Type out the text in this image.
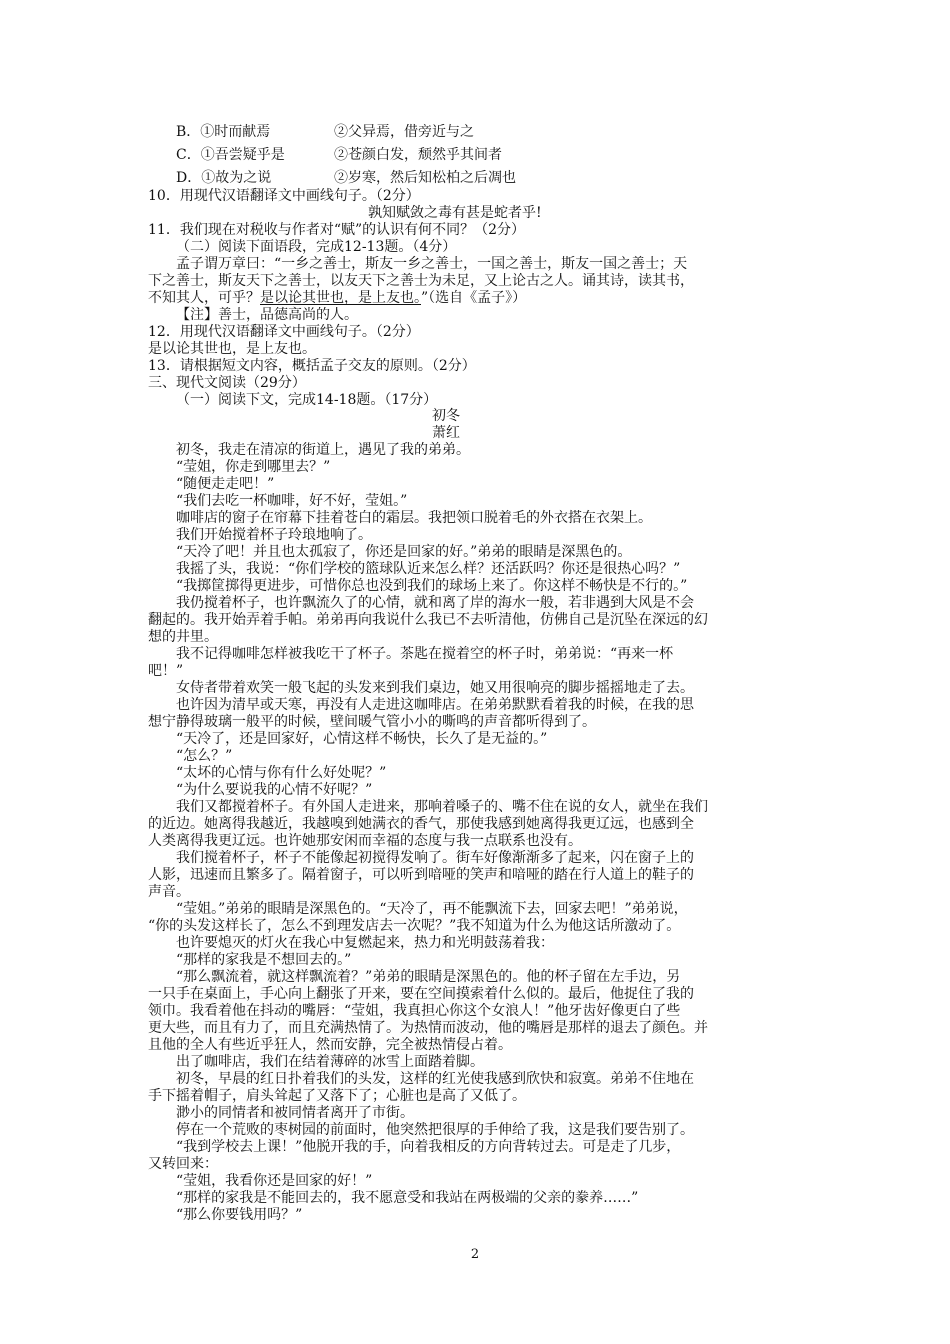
B．①时而献焉	②父异焉，借旁近与之
C．①吾尝疑乎是	②苍颜白发，颓然乎其间者
D．①故为之说	②岁寒，然后知松柏之后凋也
10．用现代汉语翻译文中画线句子。（2分）
孰知赋敛之毒有甚是蛇者乎!
11．我们现在对税收与作者对“赋”的认识有何不同？（2分）
（二）阅读下面语段，完成12-13题。（4分）
孟子谓万章曰：“一乡之善士，斯友一乡之善士，一国之善士，斯友一国之善士；天
下之善士，斯友天下之善士，以友天下之善士为未足，又上论古之人。诵其诗，读其书，
不知其人，可乎？是以论其世也，是上友也。”（选自《孟子》）
【注】善士，品德高尚的人。
12．用现代汉语翻译文中画线句子。（2分）
是以论其世也，是上友也。
13．请根据短文内容，概括孟子交友的原则。（2分）
三、现代文阅读（29分）
（一）阅读下文，完成14-18题。（17分）
初冬
萧红
初冬，我走在清凉的街道上，遇见了我的弟弟。
“莹姐，你走到哪里去？”
“随便走走吧！”
“我们去吃一杯咖啡，好不好，莹姐。”
咖啡店的窗子在帘幕下挂着苍白的霜层。我把领口脱着毛的外衣搭在衣架上。
我们开始搅着杯子玲琅地响了。
“天冷了吧！并且也太孤寂了，你还是回家的好。”弟弟的眼睛是深黑色的。
我摇了头，我说：“你们学校的篮球队近来怎么样？还活跃吗？你还是很热心吗？”
“我掷筐掷得更进步，可惜你总也没到我们的球场上来了。你这样不畅快是不行的。”
我仍搅着杯子，也许飘流久了的心情，就和离了岸的海水一般，若非遇到大风是不会
翻起的。我开始弄着手帕。弟弟再向我说什么我已不去听清他，仿佛自己是沉坠在深远的幻
想的井里。
我不记得咖啡怎样被我吃干了杯子。茶匙在搅着空的杯子时，弟弟说：“再来一杯
吧！”
女侍者带着欢笑一般飞起的头发来到我们桌边，她又用很响亮的脚步摇摇地走了去。
也许因为清早或天寒，再没有人走进这咖啡店。在弟弟默默看着我的时候，在我的思
想宁静得玻璃一般平的时候，壁间暖气管小小的嘶鸣的声音都听得到了。
“天冷了，还是回家好，心情这样不畅快，长久了是无益的。”
“怎么？”
“太坏的心情与你有什么好处呢？”
“为什么要说我的心情不好呢？”
我们又都搅着杯子。有外国人走进来，那响着嗓子的、嘴不住在说的女人，就坐在我们
的近边。她离得我越近，我越嗅到她满衣的香气，那使我感到她离得我更辽远，也感到全
人类离得我更辽远。也许她那安闲而幸福的态度与我一点联系也没有。
我们搅着杯子，杯子不能像起初搅得发响了。街车好像渐渐多了起来，闪在窗子上的
人影，迅速而且繁多了。隔着窗子，可以听到喑哑的笑声和喑哑的踏在行人道上的鞋子的
声音。
“莹姐。”弟弟的眼睛是深黑色的。“天冷了，再不能飘流下去，回家去吧！”弟弟说，
“你的头发这样长了，怎么不到理发店去一次呢？”我不知道为什么为他这话所激动了。
也许要熄灭的灯火在我心中复燃起来，热力和光明鼓荡着我：
“那样的家我是不想回去的。”
“那么飘流着，就这样飘流着？”弟弟的眼睛是深黑色的。他的杯子留在左手边，另
一只手在桌面上，手心向上翻张了开来，要在空间摸索着什么似的。最后，他捉住了我的
领巾。我看着他在抖动的嘴唇：“莹姐，我真担心你这个女浪人！”他牙齿好像更白了些
更大些，而且有力了，而且充满热情了。为热情而波动，他的嘴唇是那样的退去了颜色。并
且他的全人有些近乎狂人，然而安静，完全被热情侵占着。
出了咖啡店，我们在结着薄碎的冰雪上面踏着脚。
初冬，早晨的红日扑着我们的头发，这样的红光使我感到欣快和寂寞。弟弟不住地在
手下摇着帽子，肩头耸起了又落下了；心脏也是高了又低了。
渺小的同情者和被同情者离开了市街。
停在一个荒败的枣树园的前面时，他突然把很厚的手伸给了我，这是我们要告别了。
“我到学校去上课！”他脱开我的手，向着我相反的方向背转过去。可是走了几步，
又转回来：
“莹姐，我看你还是回家的好！”
“那样的家我是不能回去的，我不愿意受和我站在两极端的父亲的豢养……”
“那么你要钱用吗？”
2
